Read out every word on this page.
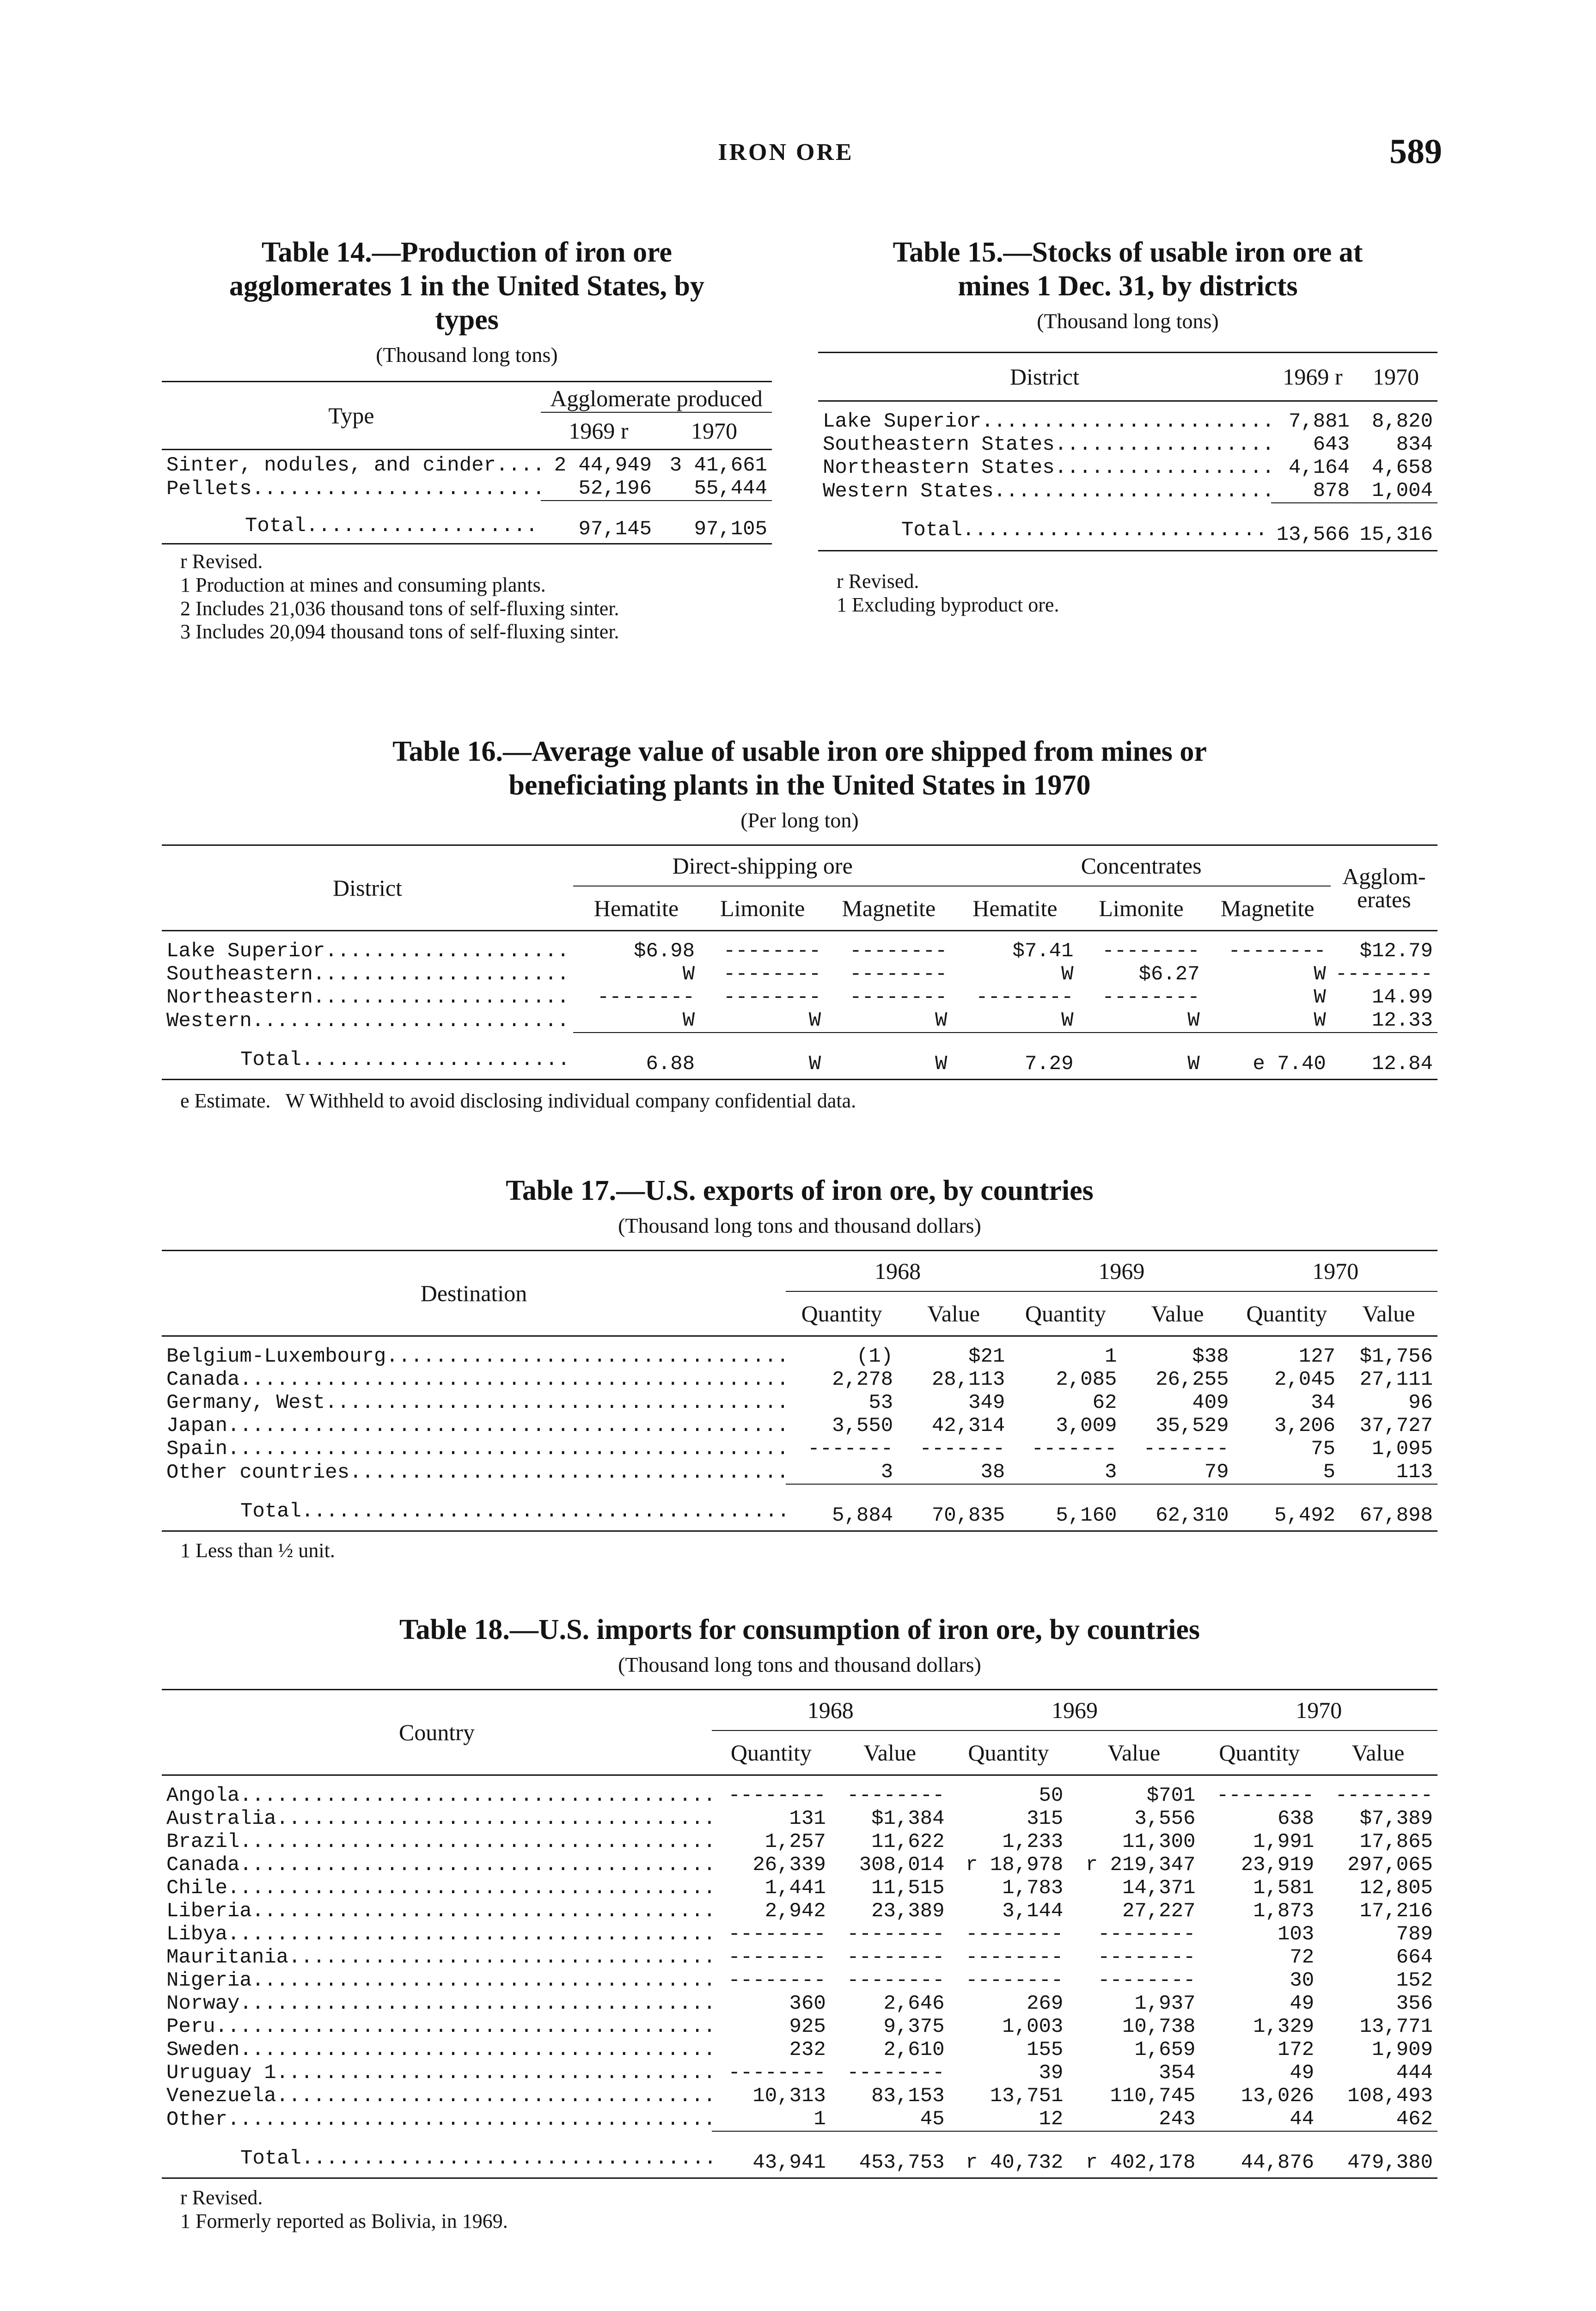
IRON ORE	589
Table 14.—Production of iron ore agglomerates 1 in the United States, by types
(Thousand long tons)
Type	Agglomerate produced	
	1969 r	1970
Sinter, nodules, and cinder .....	2 44,949	3 41,661
Pellets .....	52,196	55,444
Total .....	97,145	97,105
r Revised.
1 Production at mines and consuming plants.
2 Includes 21,036 thousand tons of self-fluxing sinter.
3 Includes 20,094 thousand tons of self-fluxing sinter.
Table 15.—Stocks of usable iron ore at mines 1 Dec. 31, by districts
(Thousand long tons)
District	1969 r	1970
Lake Superior .....	7,881	8,820
Southeastern States .....	643	834
Northeastern States .....	4,164	4,658
Western States .....	878	1,004
Total .....	13,566	15,316
r Revised.
1 Excluding byproduct ore.
Table 16.—Average value of usable iron ore shipped from mines or beneficiating plants in the United States in 1970
(Per long ton)
District	Direct-shipping ore			Concentrates			Agglom- erates
	Hematite	Limonite	Magnetite	Hematite	Limonite	Magnetite	
Lake Superior .....	$6.98	--------	--------	$7.41	--------	--------	$12.79
Southeastern .....	W	--------	--------	W	$6.27	W	--------
Northeastern .....	--------	--------	--------	--------	--------	W	14.99
Western .....	W	W	W	W	W	W	12.33
Total .....	6.88	W	W	7.29	W	e 7.40	12.84
e Estimate.   W Withheld to avoid disclosing individual company confidential data.
Table 17.—U.S. exports of iron ore, by countries
(Thousand long tons and thousand dollars)
Destination	1968		1969		1970	
	Quantity	Value	Quantity	Value	Quantity	Value
Belgium-Luxembourg .....	(1)	$21	1	$38	127	$1,756
Canada .....	2,278	28,113	2,085	26,255	2,045	27,111
Germany, West .....	53	349	62	409	34	96
Japan .....	3,550	42,314	3,009	35,529	3,206	37,727
Spain .....	-------	-------	-------	-------	75	1,095
Other countries .....	3	38	3	79	5	113
Total .....	5,884	70,835	5,160	62,310	5,492	67,898
1 Less than ½ unit.
Table 18.—U.S. imports for consumption of iron ore, by countries
(Thousand long tons and thousand dollars)
Country	1968		1969		1970	
	Quantity	Value	Quantity	Value	Quantity	Value
Angola .....	--------	--------	50	$701	--------	--------
Australia .....	131	$1,384	315	3,556	638	$7,389
Brazil .....	1,257	11,622	1,233	11,300	1,991	17,865
Canada .....	26,339	308,014	r 18,978	r 219,347	23,919	297,065
Chile .....	1,441	11,515	1,783	14,371	1,581	12,805
Liberia .....	2,942	23,389	3,144	27,227	1,873	17,216
Libya .....	--------	--------	--------	--------	103	789
Mauritania .....	--------	--------	--------	--------	72	664
Nigeria .....	--------	--------	--------	--------	30	152
Norway .....	360	2,646	269	1,937	49	356
Peru .....	925	9,375	1,003	10,738	1,329	13,771
Sweden .....	232	2,610	155	1,659	172	1,909
Uruguay 1 .....	--------	--------	39	354	49	444
Venezuela .....	10,313	83,153	13,751	110,745	13,026	108,493
Other .....	1	45	12	243	44	462
Total .....	43,941	453,753	r 40,732	r 402,178	44,876	479,380
r Revised.
1 Formerly reported as Bolivia, in 1969.
